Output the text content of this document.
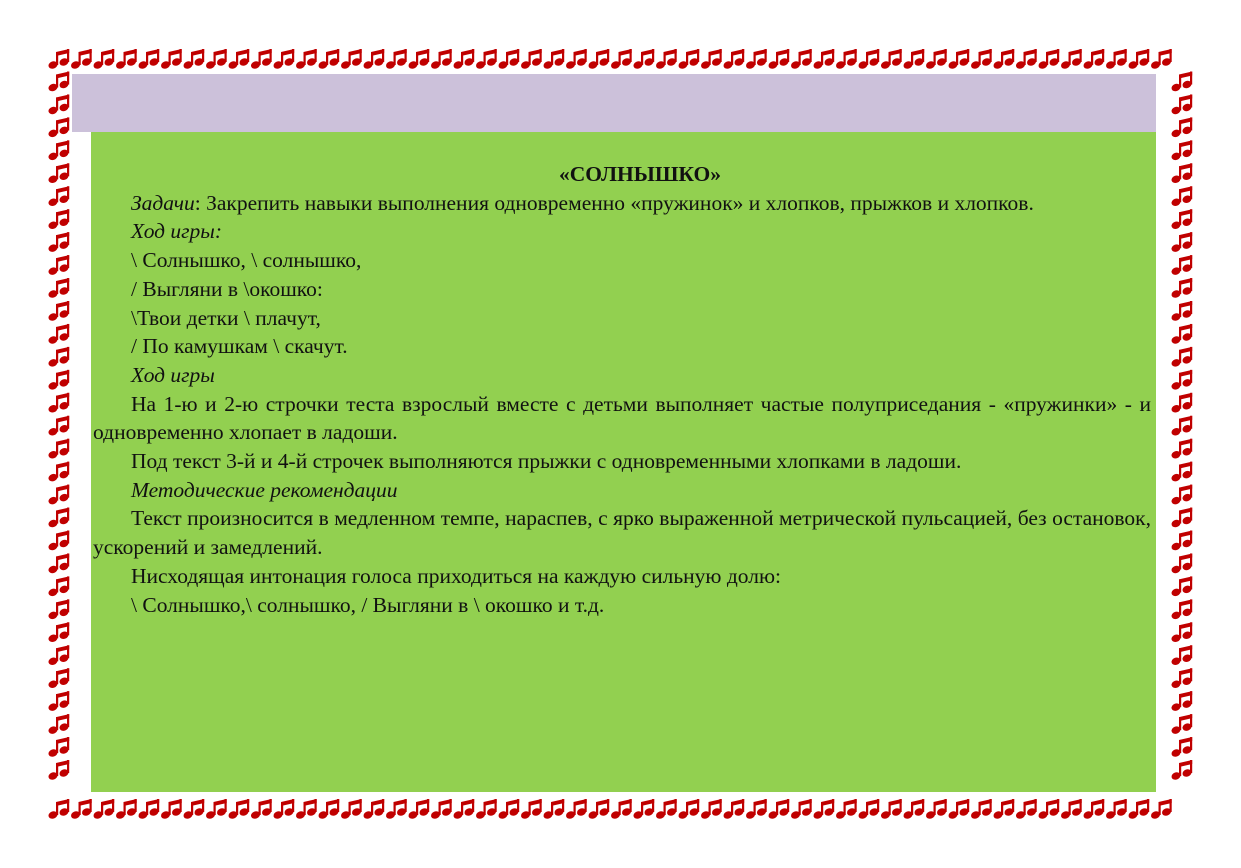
«СОЛНЫШКО»

Задачи: Закрепить навыки выполнения одновременно «пружинок» и хлопков, прыжков и хлопков.

Ход игры:

\ Солнышко, \ солнышко,

/ Выгляни в \окошко:

\Твои детки \ плачут,

/ По камушкам \ скачут.

Ход игры

На 1-ю и 2-ю строчки теста взрослый вместе с детьми выполняет частые полуприседания - «пружинки» - и одновременно хлопает в ладоши.

Под текст 3-й и 4-й строчек выполняются прыжки с одновременными хлопками в ладоши.

Методические рекомендации

Текст произносится в медленном темпе, нараспев, с ярко выраженной метрической пульсацией, без остановок, ускорений и замедлений.

Нисходящая интонация голоса приходиться на каждую сильную долю:

\ Солнышко,\ солнышко, / Выгляни в \ окошко и т.д.
